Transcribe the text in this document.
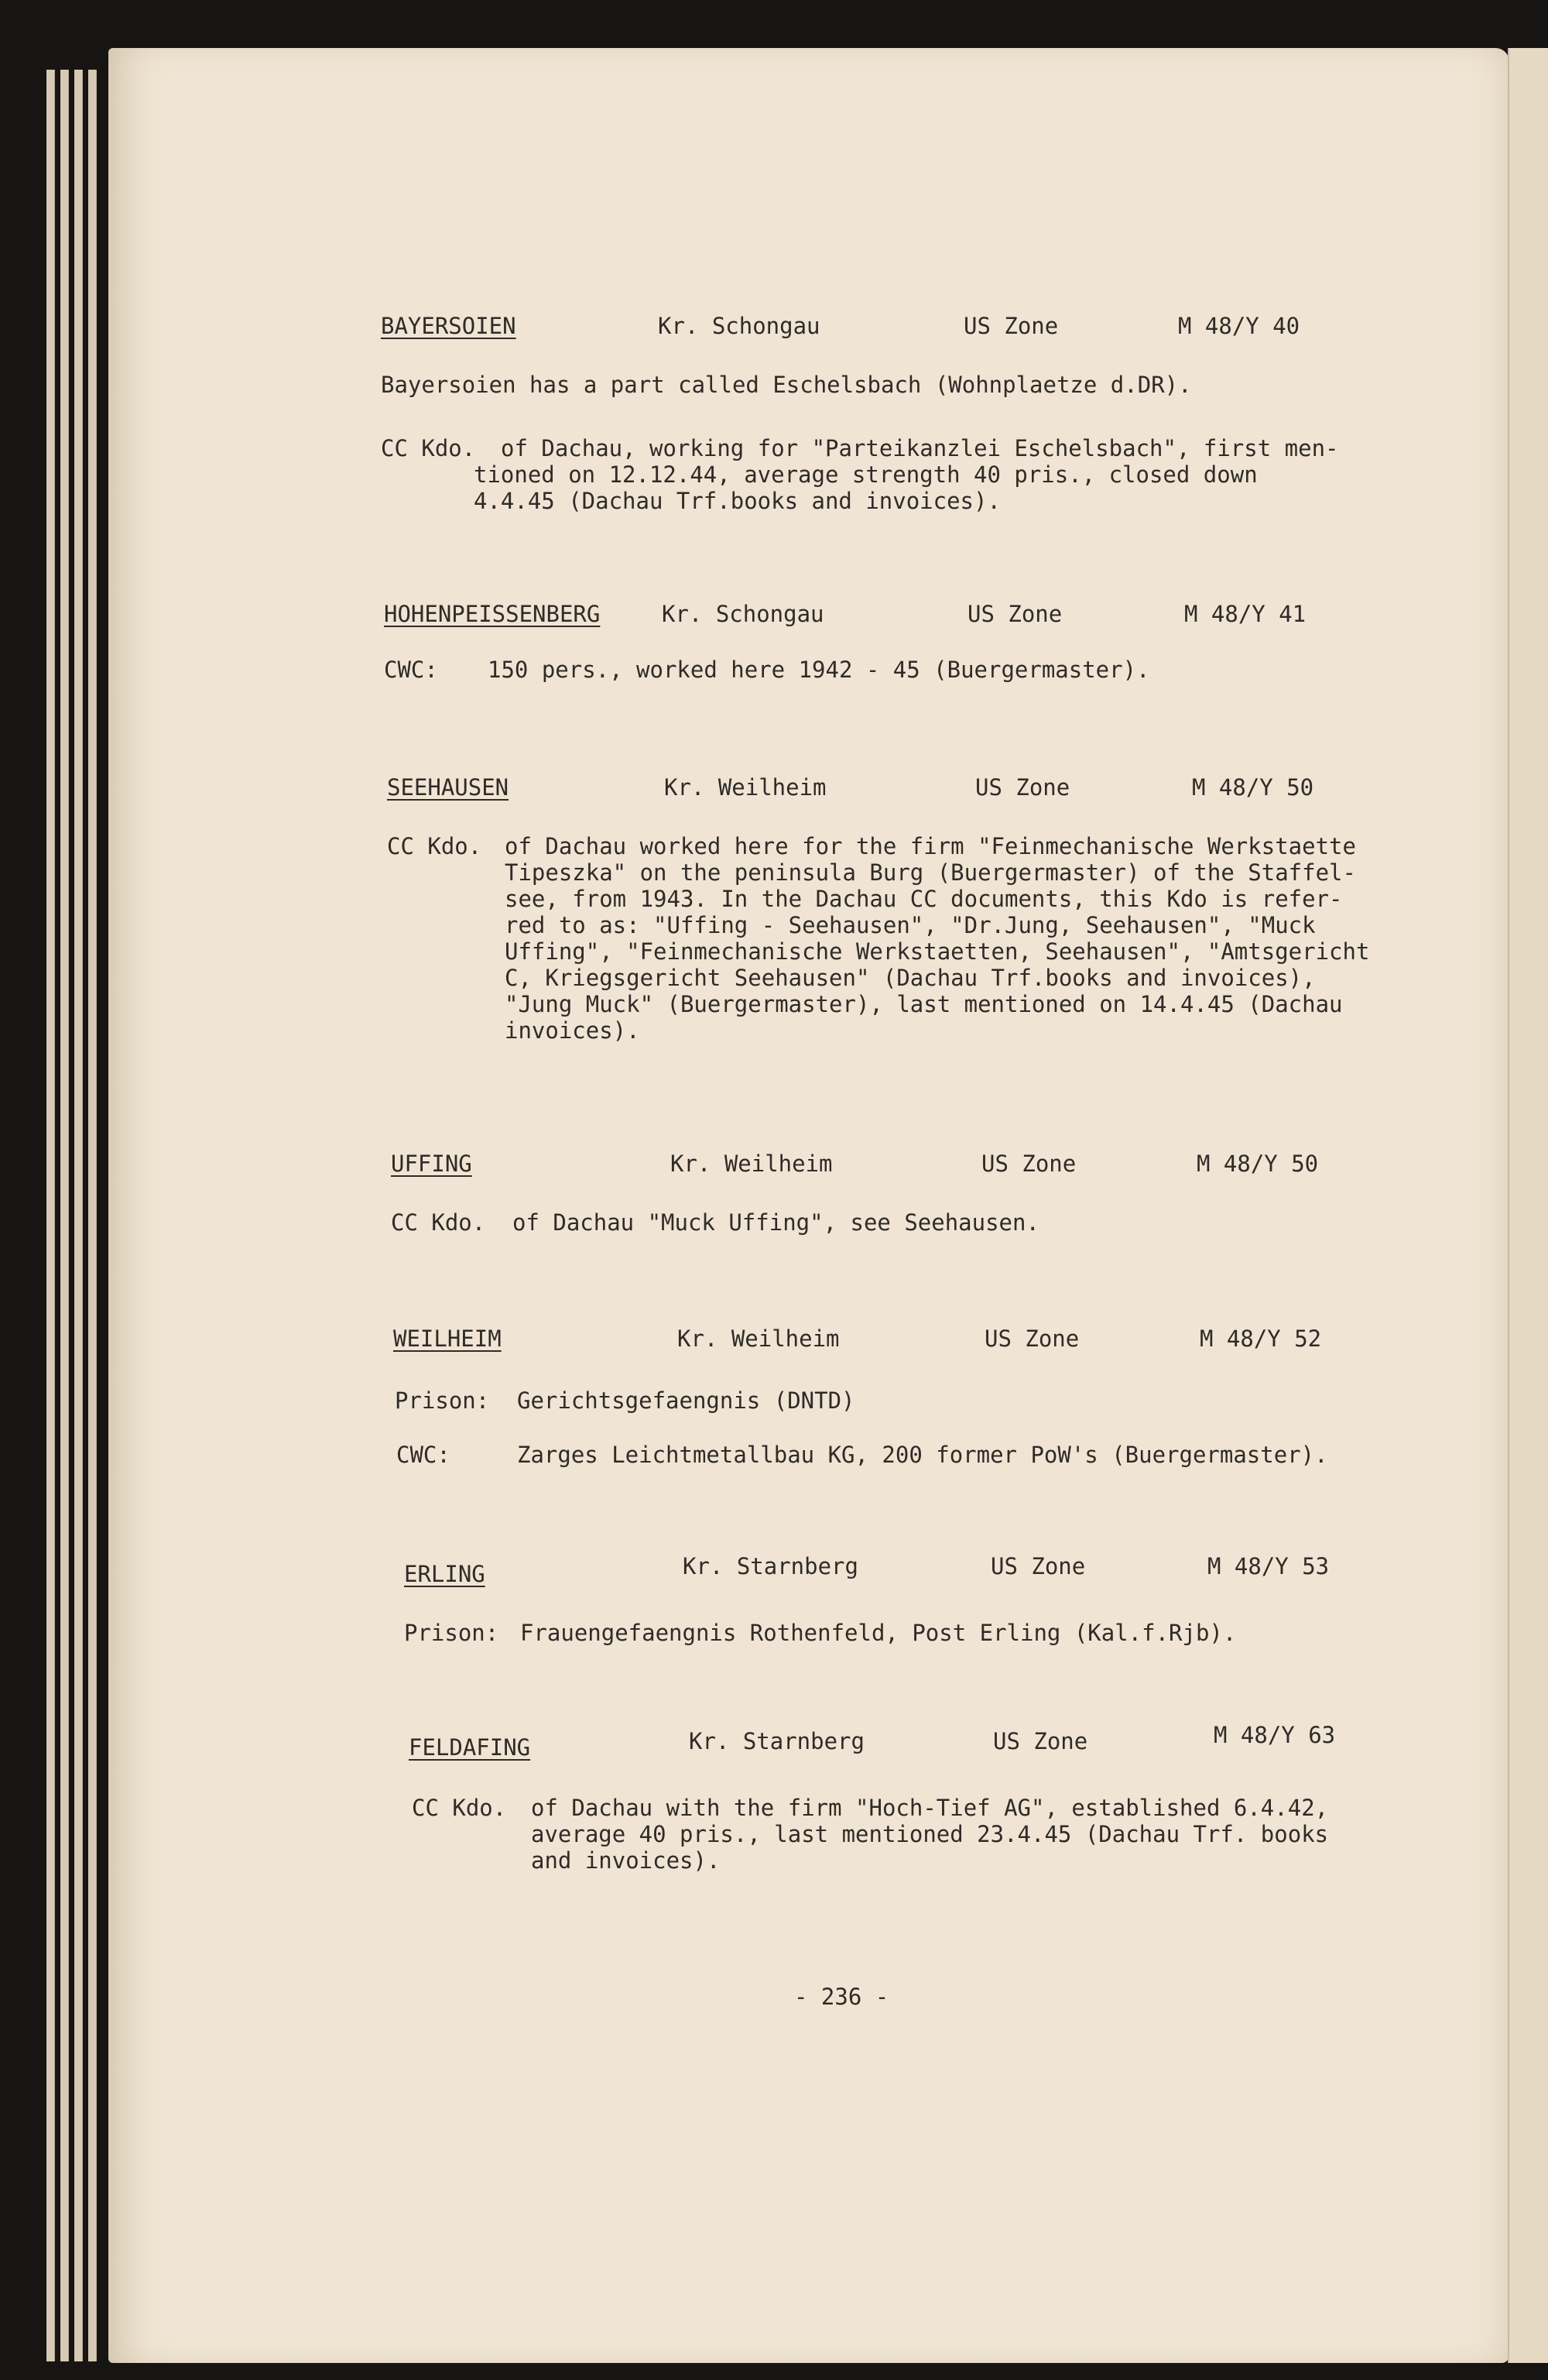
BAYERSOIEN	Kr. Schongau	US Zone	M 48/Y 40

Bayersoien has a part called Eschelsbach (Wohnplaetze d.DR).

CC Kdo. of Dachau, working for "Parteikanzlei Eschelsbach", first men-

tioned on 12.12.44, average strength 40 pris., closed down

4.4.45 (Dachau Trf.books and invoices).

HOHENPEISSENBERG	Kr. Schongau	US Zone	M 48/Y 41

CWC: 150 pers., worked here 1942 - 45 (Buergermaster).

SEEHAUSEN	Kr. Weilheim	US Zone	M 48/Y 50

CC Kdo. of Dachau worked here for the firm "Feinmechanische Werkstaette

Tipeszka" on the peninsula Burg (Buergermaster) of the Staffel-

see, from 1943. In the Dachau CC documents, this Kdo is refer-

red to as: "Uffing - Seehausen", "Dr.Jung, Seehausen", "Muck

Uffing", "Feinmechanische Werkstaetten, Seehausen", "Amtsgericht

C, Kriegsgericht Seehausen" (Dachau Trf.books and invoices),

"Jung Muck" (Buergermaster), last mentioned on 14.4.45 (Dachau

invoices).

UFFING	Kr. Weilheim	US Zone	M 48/Y 50

CC Kdo. of Dachau "Muck Uffing", see Seehausen.

WEILHEIM	Kr. Weilheim	US Zone	M 48/Y 52

Prison: Gerichtsgefaengnis (DNTD)

CWC:	Zarges Leichtmetallbau KG, 200 former PoW's (Buergermaster).

ERLING	Kr. Starnberg	US Zone	M 48/Y 53

Prison: Frauengefaengnis Rothenfeld, Post Erling (Kal.f.Rjb).

FELDAFING	Kr. Starnberg	US Zone	M 48/Y 63

CC Kdo. of Dachau with the firm "Hoch-Tief AG", established 6.4.42,

average 40 pris., last mentioned 23.4.45 (Dachau Trf. books

and invoices).

- 236 -
